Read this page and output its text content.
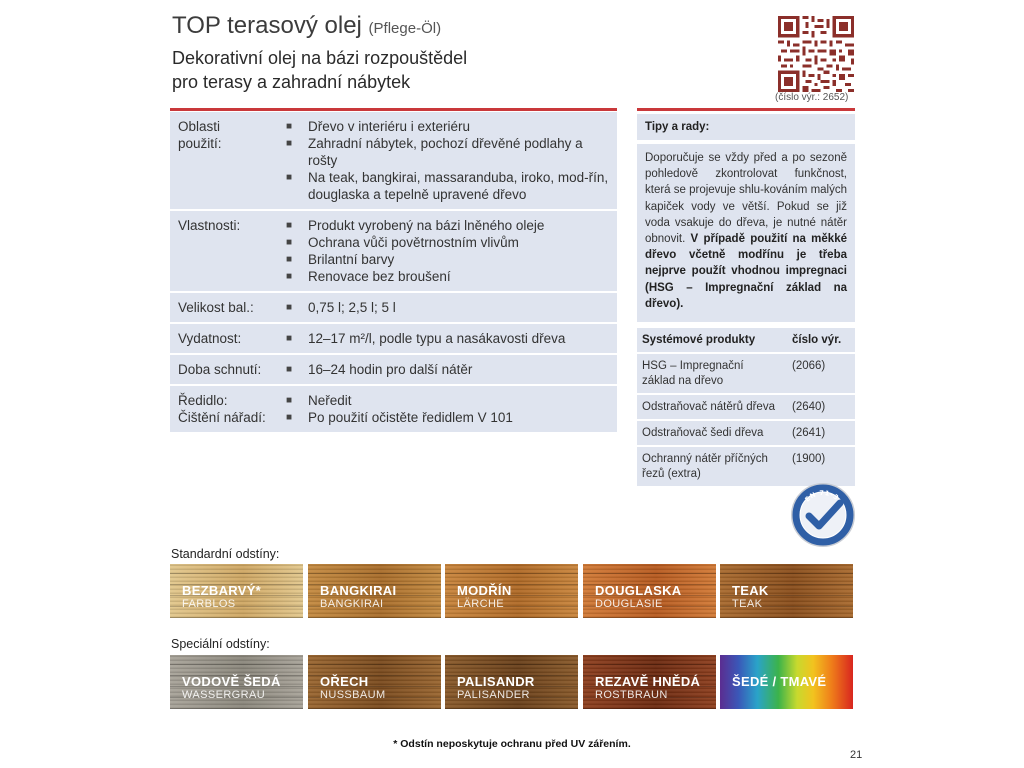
TOP terasový olej (Pflege-Öl)
Dekorativní olej na bázi rozpouštědel
pro terasy a zahradní nábytek
(číslo výr.: 2652)
Oblasti
použití:
■	Dřevo v interiéru i exteriéru
■	Zahradní nábytek, pochozí dřevěné podlahy a rošty
■	Na teak, bangkirai, massaranduba, iroko, mod-řín, douglaska a tepelně upravené dřevo
Vlastnosti:	■	Produkt vyrobený na bázi lněného oleje
■	Ochrana vůči povětrnostním vlivům
■	Brilantní barvy
■	Renovace bez broušení
Velikost bal.:	■	0,75 l; 2,5 l; 5 l
Vydatnost:	■	12–17 m²/l, podle typu a nasákavosti dřeva
Doba schnutí:	■	16–24 hodin pro další nátěr
Ředidlo:
Čištění nářadí:
■	Neředit
■	Po použití očistěte ředidlem V 101
Tipy a rady:
Doporučuje se vždy před a po sezoně pohledově zkontrolovat funkčnost, která se projevuje shlu-kováním malých kapiček vody ve větší. Pokud se již voda vsakuje do dřeva, je nutné nátěr obnovit. V případě použití na měkké dřevo včetně modřínu je třeba nejprve použít vhodnou impregnaci (HSG – Impregnační základ na dřevo).
Systémové produkty	číslo výr.
HSG – Impregnační
základ na dřevo
(2066)
Odstraňovač nátěrů dřeva	(2640)
Odstraňovač šedi dřeva	(2641)
Ochranný nátěr příčných
řezů (extra)
(1900)
EN 71-3
Standardní odstíny:
BEZBARVÝ*
FARBLOS
BANGKIRAI
BANGKIRAI
MODŘÍN
LÄRCHE
DOUGLASKA
DOUGLASIE
TEAK
TEAK
Speciální odstíny:
VODOVĚ ŠEDÁ
WASSERGRAU
OŘECH
NUSSBAUM
PALISANDR
PALISANDER
REZAVĚ HNĚDÁ
ROSTBRAUN
ŠEDÉ / TMAVÉ
* Odstín neposkytuje ochranu před UV zářením.
21
